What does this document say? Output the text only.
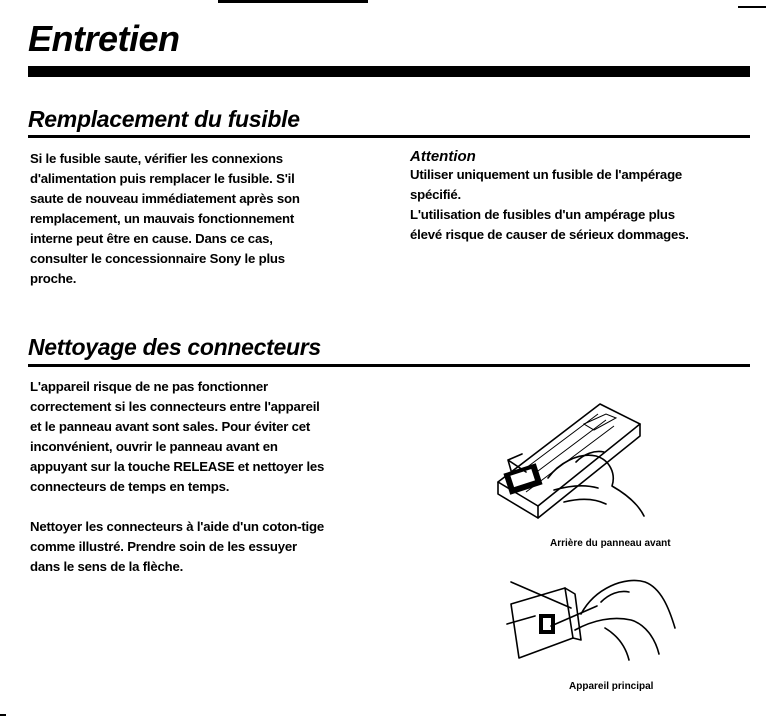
Entretien
Remplacement du fusible

Si le fusible saute, vérifier les connexions

d'alimentation puis remplacer le fusible. S'il

saute de nouveau immédiatement après son

remplacement, un mauvais fonctionnement

interne peut être en cause. Dans ce cas,

consulter le concessionnaire Sony le plus

proche.

Attention

Utiliser uniquement un fusible de l'ampérage

spécifié.

L'utilisation de fusibles d'un ampérage plus

élevé risque de causer de sérieux dommages.

Nettoyage des connecteurs

L'appareil risque de ne pas fonctionner

correctement si les connecteurs entre l'appareil

et le panneau avant sont sales. Pour éviter cet

inconvénient, ouvrir le panneau avant en

appuyant sur la touche RELEASE et nettoyer les

connecteurs de temps en temps.

Nettoyer les connecteurs à l'aide d'un coton-tige

comme illustré. Prendre soin de les essuyer

dans le sens de la flèche.

Arrière du panneau avant

Appareil principal
